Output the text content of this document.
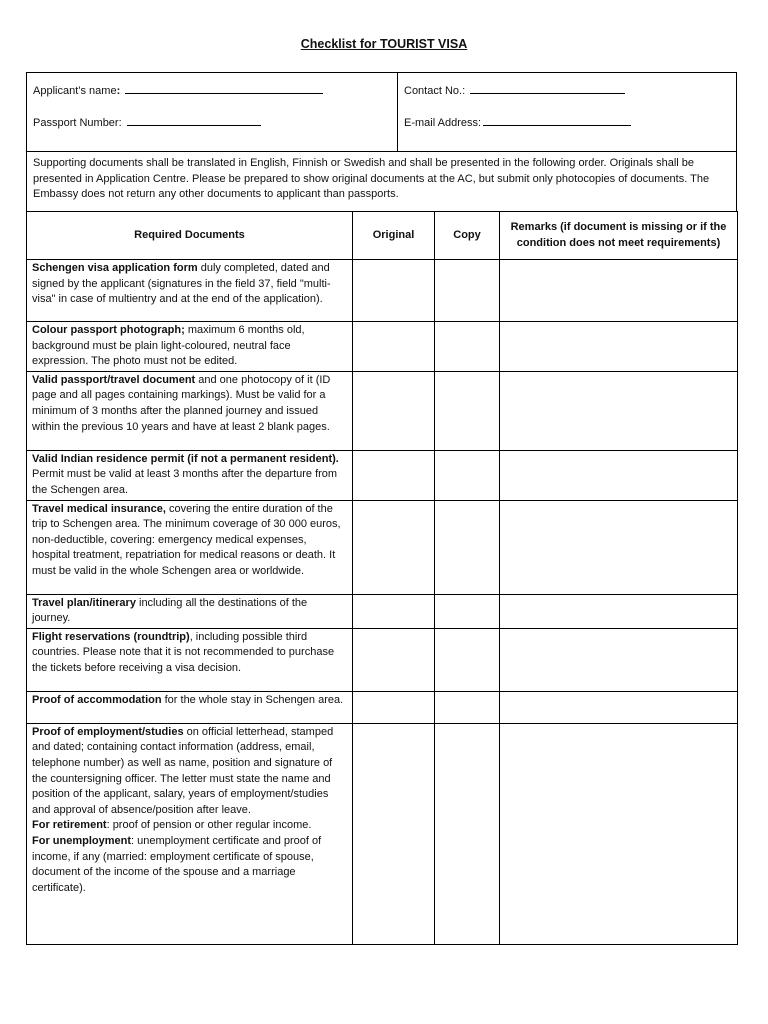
Checklist for TOURIST VISA
Applicant’s name:
Passport Number:
Contact No.:
E-mail Address:

Supporting documents shall be translated in English, Finnish or Swedish and shall be presented in the following order. Originals shall be presented in Application Centre. Please be prepared to show original documents at the AC, but submit only photocopies of documents. The Embassy does not return any other documents to applicant than passports.

Required Documents	Original	Copy	Remarks (if document is missing or if the condition does not meet requirements)
Schengen visa application form duly completed, dated and signed by the applicant (signatures in the field 37, field "multi-visa" in case of multientry and at the end of the application).			
Colour passport photograph; maximum 6 months old, background must be plain light-coloured, neutral face expression. The photo must not be edited.			
Valid passport/travel document and one photocopy of it (ID page and all pages containing markings). Must be valid for a minimum of 3 months after the planned journey and issued within the previous 10 years and have at least 2 blank pages.			
Valid Indian residence permit (if not a permanent resident). Permit must be valid at least 3 months after the departure from the Schengen area.			
Travel medical insurance, covering the entire duration of the trip to Schengen area. The minimum coverage of 30 000 euros, non-deductible, covering: emergency medical expenses, hospital treatment, repatriation for medical reasons or death. It must be valid in the whole Schengen area or worldwide.			
Travel plan/itinerary including all the destinations of the journey.			
Flight reservations (roundtrip), including possible third countries. Please note that it is not recommended to purchase the tickets before receiving a visa decision.			
Proof of accommodation for the whole stay in Schengen area.			
Proof of employment/studies on official letterhead, stamped and dated; containing contact information (address, email, telephone number) as well as name, position and signature of the countersigning officer. The letter must state the name and position of the applicant, salary, years of employment/studies and approval of absence/position after leave.
For retirement: proof of pension or other regular income.
For unemployment: unemployment certificate and proof of income, if any (married: employment certificate of spouse, document of the income of the spouse and a marriage certificate).			
